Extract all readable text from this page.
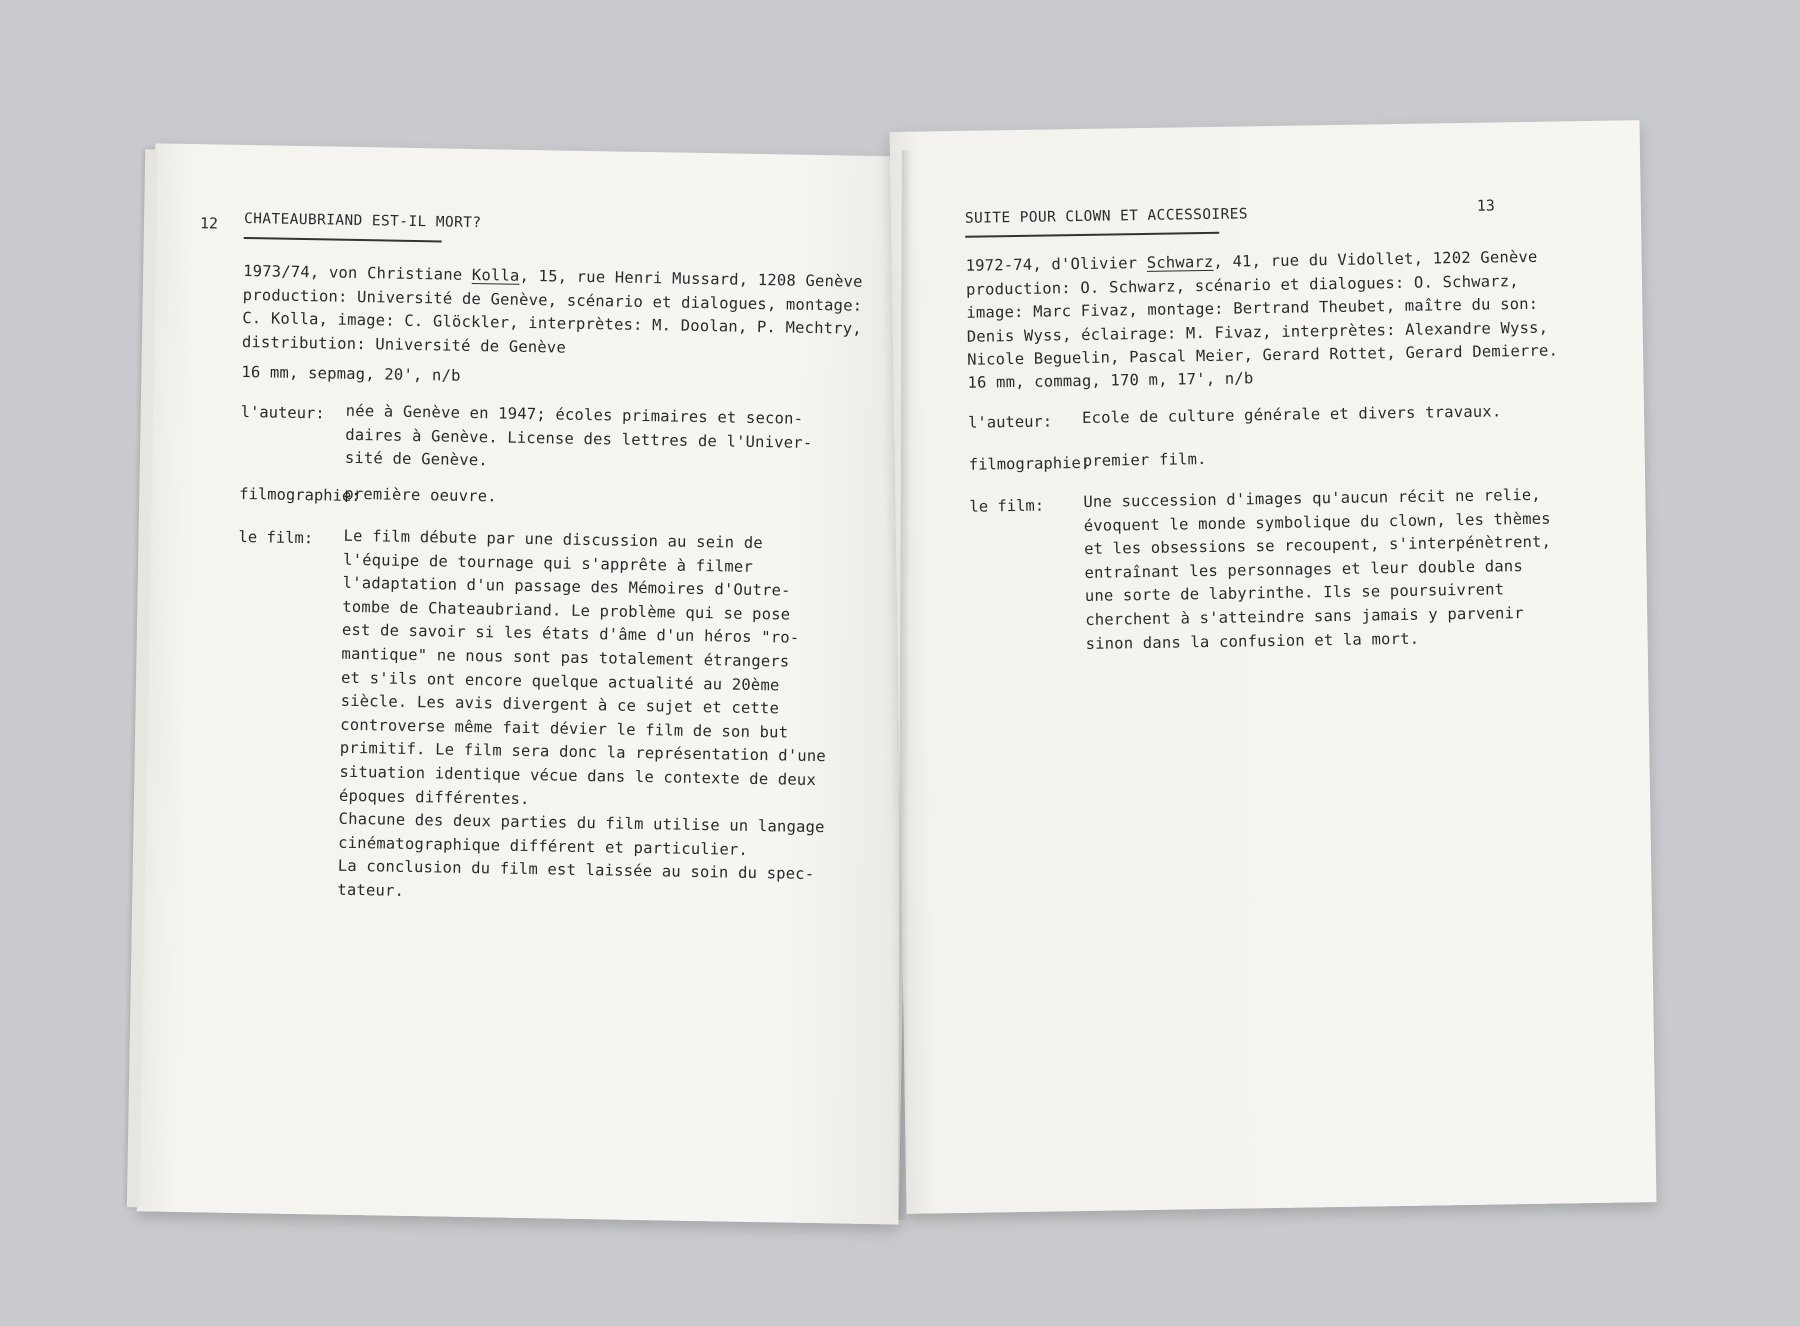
12 CHATEAUBRIAND EST-IL MORT?
1973/74, von Christiane Kolla, 15, rue Henri Mussard, 1208 Genève
production: Université de Genève, scénario et dialogues, montage:
C. Kolla, image: C. Glöckler, interprètes: M. Doolan, P. Mechtry,
distribution: Université de Genève
16 mm, sepmag, 20', n/b
l'auteur: née à Genève en 1947; écoles primaires et secon-
daires à Genève. License des lettres de l'Univer-
sité de Genève.
filmographie:
première oeuvre.
le film: Le film débute par une discussion au sein de
l'équipe de tournage qui s'apprête à filmer
l'adaptation d'un passage des Mémoires d'Outre-
tombe de Chateaubriand. Le problème qui se pose
est de savoir si les états d'âme d'un héros "ro-
mantique" ne nous sont pas totalement étrangers
et s'ils ont encore quelque actualité au 20ème
siècle. Les avis divergent à ce sujet et cette
controverse même fait dévier le film de son but
primitif. Le film sera donc la représentation d'une
situation identique vécue dans le contexte de deux
époques différentes.
Chacune des deux parties du film utilise un langage
cinématographique différent et particulier.
La conclusion du film est laissée au soin du spec-
tateur.
SUITE POUR CLOWN ET ACCESSOIRES
13
1972-74, d'Olivier Schwarz, 41, rue du Vidollet, 1202 Genève
production: O. Schwarz, scénario et dialogues: O. Schwarz,
image: Marc Fivaz, montage: Bertrand Theubet, maître du son:
Denis Wyss, éclairage: M. Fivaz, interprètes: Alexandre Wyss,
Nicole Beguelin, Pascal Meier, Gerard Rottet, Gerard Demierre.
16 mm, commag, 170 m, 17', n/b
l'auteur: Ecole de culture générale et divers travaux.
filmographie:
premier film.
le film:	Une succession d'images qu'aucun récit ne relie,
évoquent le monde symbolique du clown, les thèmes
et les obsessions se recoupent, s'interpénètrent,
entraînant les personnages et leur double dans
une sorte de labyrinthe. Ils se poursuivrent
cherchent à s'atteindre sans jamais y parvenir
sinon dans la confusion et la mort.
